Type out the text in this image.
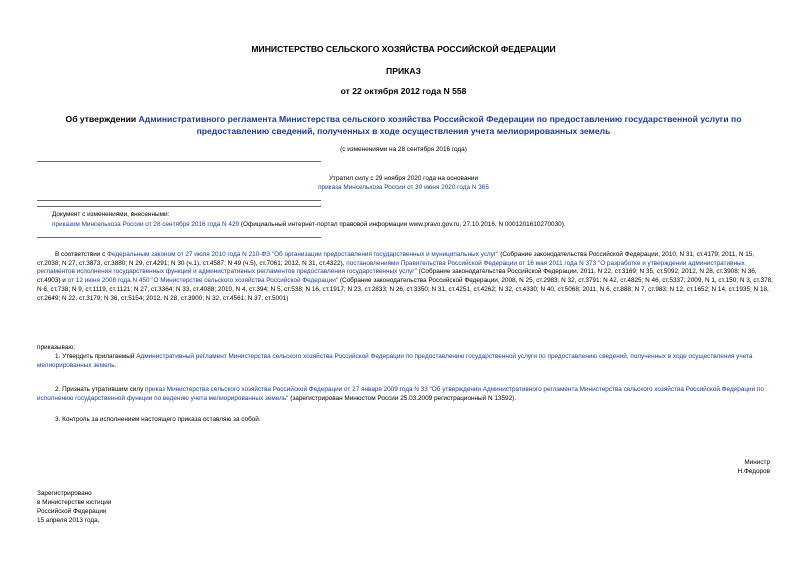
МИНИСТЕРСТВО СЕЛЬСКОГО ХОЗЯЙСТВА РОССИЙСКОЙ ФЕДЕРАЦИИ
ПРИКАЗ
от 22 октября 2012 года N 558
Об утверждении Административного регламента Министерства сельского хозяйства Российской Федерации по предоставлению государственной услуги по предоставлению сведений, полученных в ходе осуществления учета мелиорированных земель
(с изменениями на 28 сентября 2016 года)
Утратил силу с 29 ноября 2020 года на основании
приказа Минсельхоза России от 30 июня 2020 года N 365
Документ с изменениями, внесенными:
приказом Минсельхоза России от 28 сентября 2016 года N 429 (Официальный интернет-портал правовой информации www.pravo.gov.ru, 27.10.2016, N 0001201610270030).
В соответствии с Федеральным законом от 27 июля 2010 года N 210-ФЗ "Об организации предоставления государственных и муниципальных услуг" (Собрание законодательства Российской Федерации, 2010, N 31, ст.4179; 2011, N 15, ст.2038; N 27, ст.3873, ст.3880; N 29, ст.4291; N 30 (ч.1), ст.4587; N 49 (ч.5), ст.7061; 2012, N 31, ст.4322), постановлениями Правительства Российской Федерации от 16 мая 2011 года N 373 "О разработке и утверждении административных регламентов исполнения государственных функций и административных регламентов предоставления государственных услуг" (Собрание законодательства Российской Федерации, 2011, N 22, ст.3169; N 35, ст.5092; 2012, N 28, ст.3908; N 36, ст.4903) и от 12 июня 2008 года N 450 "О Министерстве сельского хозяйства Российской Федерации" (Собрание законодательства Российской Федерации, 2008, N 25, ст.2983; N 32, ст.3791; N 42, ст.4825; N 46, ст.5337; 2009, N 1, ст.150; N 3, ст.378; N 6, ст.738; N 9, ст.1119, ст.1121; N 27, ст.3364; N 33, ст.4088; 2010, N 4, ст.394; N 5, ст.538; N 16, ст.1917; N 23, ст.2833; N 26, ст.3350; N 31, ст.4251, ст.4262; N 32, ст.4330; N 40, ст.5068; 2011, N 6, ст.888; N 7, ст.983; N 12, ст.1652; N 14, ст.1935; N 18, ст.2649; N 22, ст.3179; N 36, ст.5154; 2012, N 28, ст.3900; N 32, ст.4561; N 37, ст.5001)
приказываю:
1. Утвердить прилагаемый Административный регламент Министерства сельского хозяйства Российской Федерации по предоставлению государственной услуги по предоставлению сведений, полученных в ходе осуществления учета мелиорированных земель.
2. Признать утратившим силу приказ Министерства сельского хозяйства Российской Федерации от 27 января 2009 года N 33 "Об утверждении Административного регламента Министерства сельского хозяйства Российской Федерации по исполнению государственной функции по ведению учета мелиорированных земель" (зарегистрирован Минюстом России 25.03.2009 регистрационный N 13592).
3. Контроль за исполнением настоящего приказа оставляю за собой.
Министр
Н.Федоров
Зарегистрировано
в Министерстве юстиции
Российской Федерации
15 апреля 2013 года,
